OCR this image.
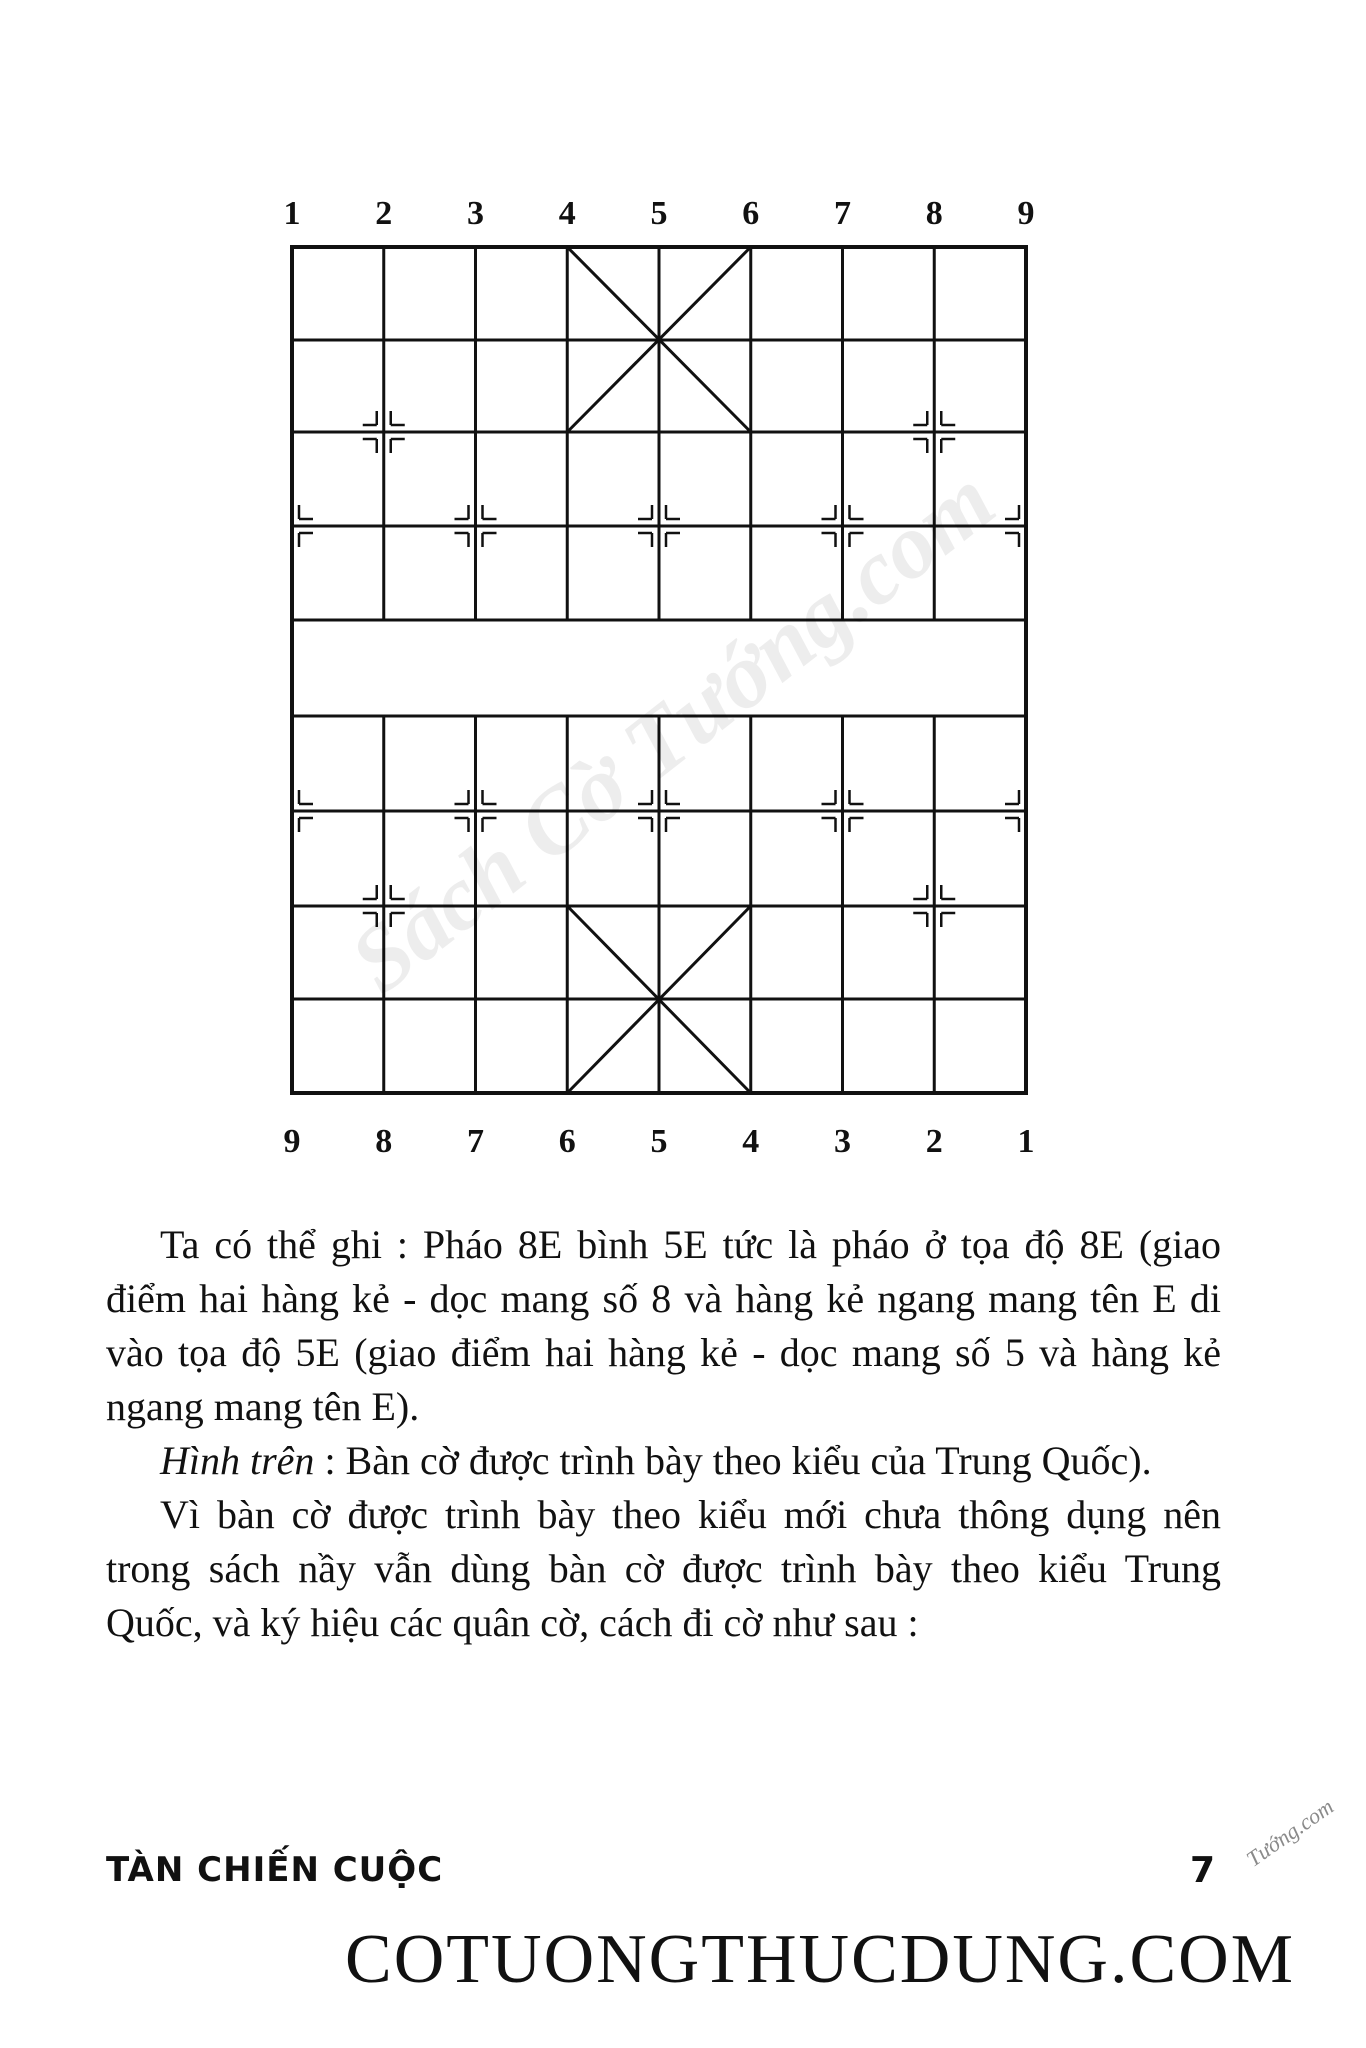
1	2	3	4	5	6	7	8	9
9	8	7	6	5	4	3	2	1
Sách Cờ Tướng.com

Ta có thể ghi : Pháo 8E bình 5E tức là pháo ở tọa độ 8E (giao điểm hai hàng kẻ - dọc mang số 8 và hàng kẻ ngang mang tên E di vào tọa độ 5E (giao điểm hai hàng kẻ - dọc mang số 5 và hàng kẻ ngang mang tên E).

Hình trên : Bàn cờ được trình bày theo kiểu của Trung Quốc).

Vì bàn cờ được trình bày theo kiểu mới chưa thông dụng nên trong sách nầy vẫn dùng bàn cờ được trình bày theo kiểu Trung Quốc, và ký hiệu các quân cờ, cách đi cờ như sau :

TÀN CHIẾN CUỘC	7 Tướng.com
COTUONGTHUCDUNG.COM
